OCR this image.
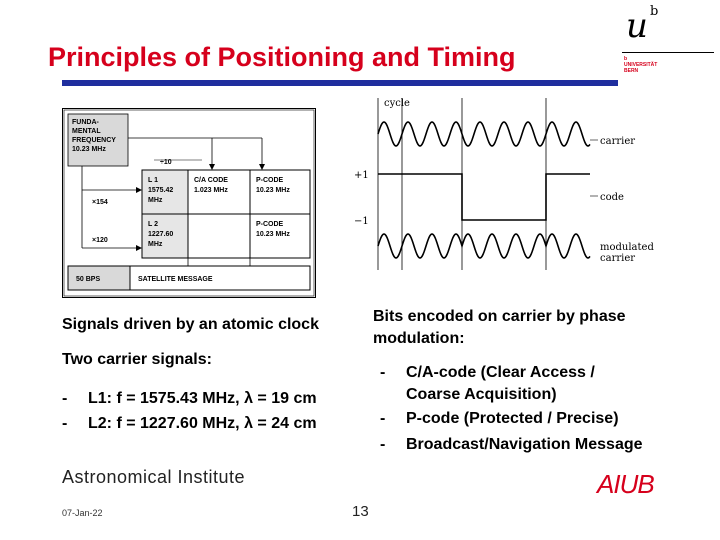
Principles of Positioning and Timing
u b
b
UNIVERSITÄT
BERN
FUNDA-
MENTAL
FREQUENCY
10.23 MHz
÷10
×154
×120
L 1
1575.42
MHz
C/A CODE
1.023 MHz
P-CODE
10.23 MHz
L 2
1227.60
MHz
P-CODE
10.23 MHz
50 BPS	SATELLITE MESSAGE
cycle
carrier
+1
−1
code
modulated
carrier
Signals driven by an atomic clock
Two carrier signals:
- L1: f = 1575.43 MHz, λ = 19 cm
- L2: f = 1227.60 MHz, λ = 24 cm
Bits encoded on carrier by phase
modulation:
- C/A-code (Clear Access /
Coarse Acquisition)
- P-code (Protected / Precise)
- Broadcast/Navigation Message
Astronomical Institute	AIUB
07-Jan-22	13
